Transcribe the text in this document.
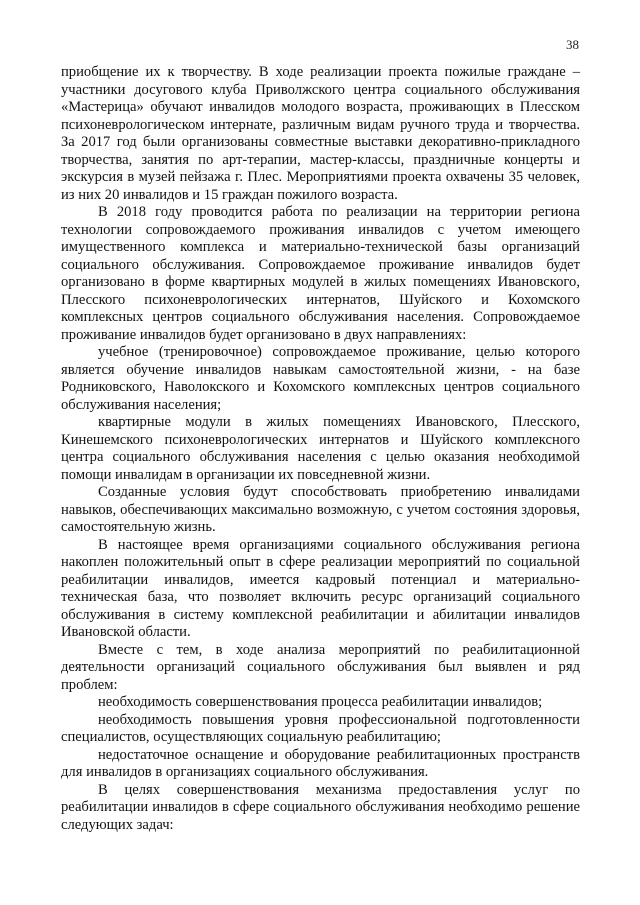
38

приобщение их к творчеству. В ходе реализации проекта пожилые граждане – участники досугового клуба Приволжского центра социального обслуживания «Мастерица» обучают инвалидов молодого возраста, проживающих в Плесском психоневрологическом интернате, различным видам ручного труда и творчества. За 2017 год были организованы совместные выставки декоративно-прикладного творчества, занятия по арт-терапии, мастер-классы, праздничные концерты и экскурсия в музей пейзажа г. Плес. Мероприятиями проекта охвачены 35 человек, из них 20 инвалидов и 15 граждан пожилого возраста.

В 2018 году проводится работа по реализации на территории региона технологии сопровождаемого проживания инвалидов с учетом имеющего имущественного комплекса и материально-технической базы организаций социального обслуживания. Сопровождаемое проживание инвалидов будет организовано в форме квартирных модулей в жилых помещениях Ивановского, Плесского психоневрологических интернатов, Шуйского и Кохомского комплексных центров социального обслуживания населения. Сопровождаемое проживание инвалидов будет организовано в двух направлениях:

учебное (тренировочное) сопровождаемое проживание, целью которого является обучение инвалидов навыкам самостоятельной жизни, - на базе Родниковского, Наволокского и Кохомского комплексных центров социального обслуживания населения;

квартирные модули в жилых помещениях Ивановского, Плесского, Кинешемского психоневрологических интернатов и Шуйского комплексного центра социального обслуживания населения с целью оказания необходимой помощи инвалидам в организации их повседневной жизни.

Созданные условия будут способствовать приобретению инвалидами навыков, обеспечивающих максимально возможную, с учетом состояния здоровья, самостоятельную жизнь.

В настоящее время организациями социального обслуживания региона накоплен положительный опыт в сфере реализации мероприятий по социальной реабилитации инвалидов, имеется кадровый потенциал и материально-техническая база, что позволяет включить ресурс организаций социального обслуживания в систему комплексной реабилитации и абилитации инвалидов Ивановской области.

Вместе с тем, в ходе анализа мероприятий по реабилитационной деятельности организаций социального обслуживания был выявлен и ряд проблем:

необходимость совершенствования процесса реабилитации инвалидов;

необходимость повышения уровня профессиональной подготовленности специалистов, осуществляющих социальную реабилитацию;

недостаточное оснащение и оборудование реабилитационных пространств для инвалидов в организациях социального обслуживания.

В целях совершенствования механизма предоставления услуг по реабилитации инвалидов в сфере социального обслуживания необходимо решение следующих задач:
